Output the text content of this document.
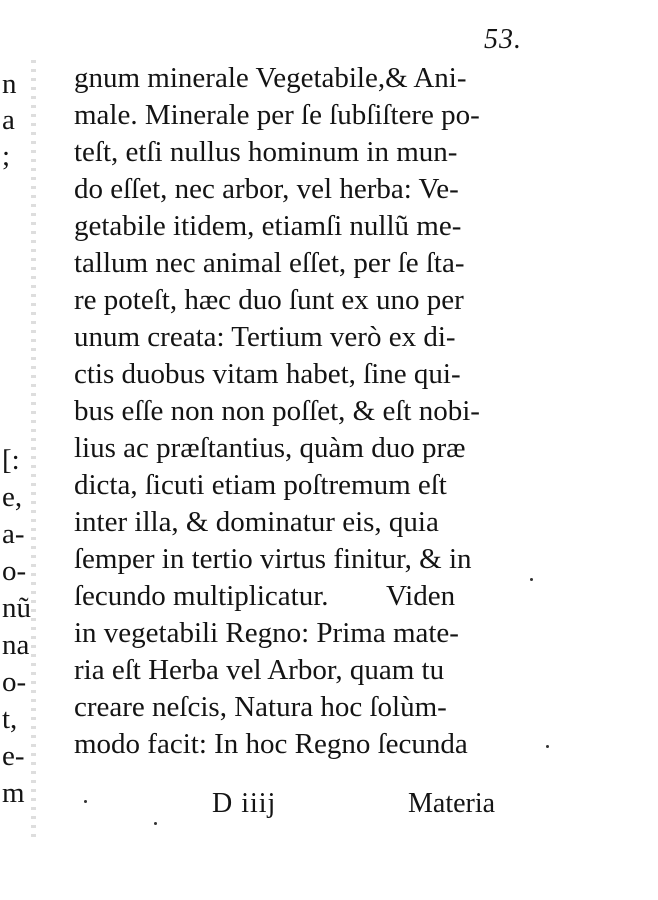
n
a
;
[:
e,
a-
o-
nũ
na
o-
t,
e-
m
53.
gnum minerale Vegetabile,& Ani-
male. Minerale per ſe ſubſiſtere po-
teſt, etſi nullus hominum in mun-
do eſſet, nec arbor, vel herba: Ve-
getabile itidem, etiamſi nullũ me-
tallum nec animal eſſet, per ſe ſta-
re poteſt, hæc duo ſunt ex uno per
unum creata: Tertium verò ex di-
ctis duobus vitam habet, ſine qui-
bus eſſe non non poſſet, & eſt nobi-
lius ac præſtantius, quàm duo præ
dicta, ſicuti etiam poſtremum eſt
inter illa, & dominatur eis, quia
ſemper in tertio virtus finitur, & in
ſecundo multiplicatur.        Viden
in vegetabili Regno: Prima mate-
ria eſt Herba vel Arbor, quam tu
creare neſcis, Natura hoc ſolùm-
modo facit: In hoc Regno ſecunda
D iiij	Materia
